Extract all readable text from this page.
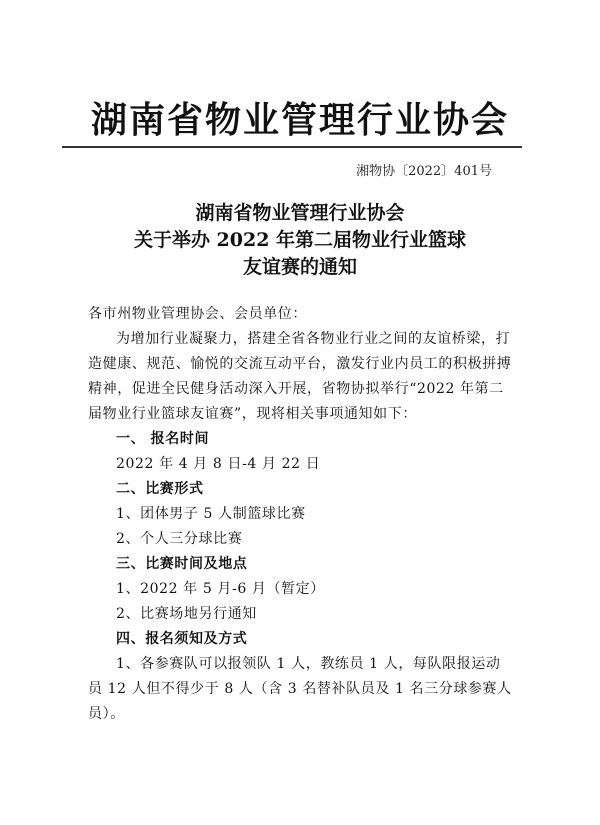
湖南省物业管理行业协会
湘物协〔2022〕401号
湖南省物业管理行业协会
关于举办 2022 年第二届物业行业篮球
友谊赛的通知

各市州物业管理协会、会员单位：

为增加行业凝聚力，搭建全省各物业行业之间的友谊桥梁，打造健康、规范、愉悦的交流互动平台，激发行业内员工的积极拼搏精神，促进全民健身活动深入开展，省物协拟举行“2022 年第二届物业行业篮球友谊赛”，现将相关事项通知如下：

一、 报名时间

2022 年 4 月 8 日-4 月 22 日

二、比赛形式

1、团体男子 5 人制篮球比赛

2、个人三分球比赛

三、比赛时间及地点

1、2022 年 5 月-6 月（暂定）

2、比赛场地另行通知

四、报名须知及方式

1、各参赛队可以报领队 1 人，教练员 1 人，每队限报运动员 12 人但不得少于 8 人（含 3 名替补队员及 1 名三分球参赛人员）。
